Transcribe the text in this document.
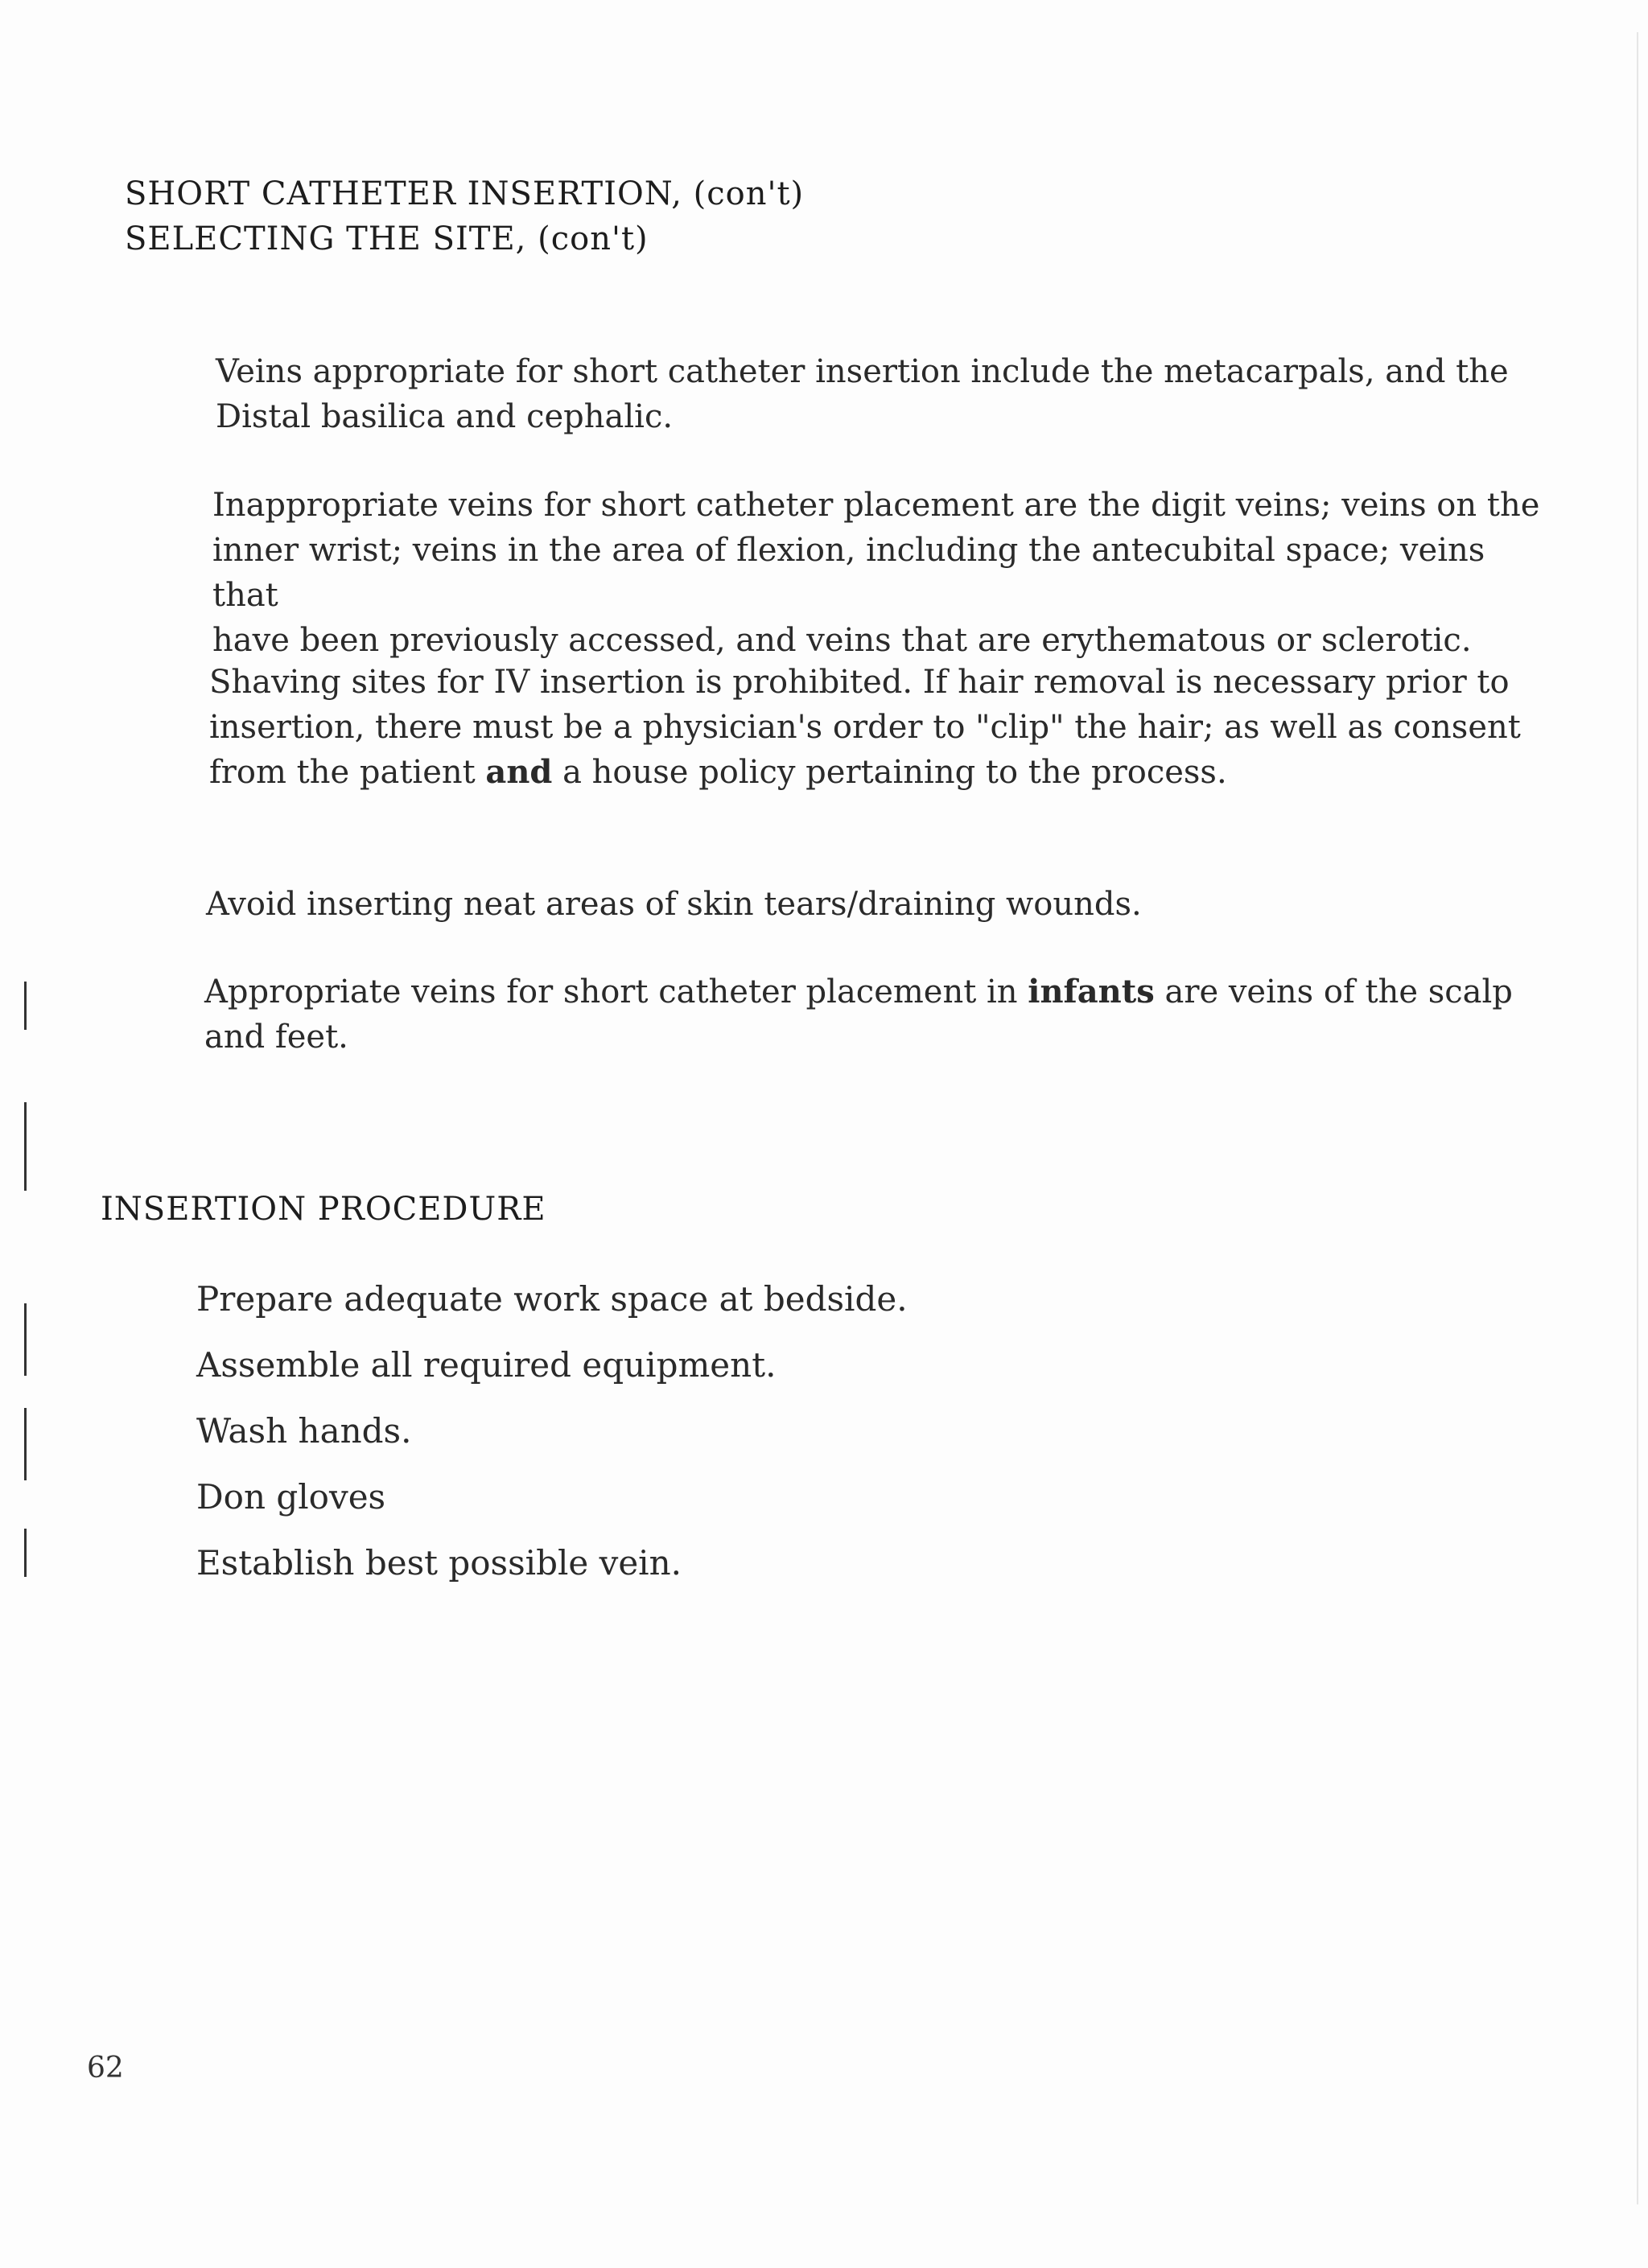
SHORT CATHETER INSERTION, (con't)
SELECTING THE SITE, (con't)

Veins appropriate for short catheter insertion include the metacarpals, and the
Distal basilica and cephalic.

Inappropriate veins for short catheter placement are the digit veins; veins on the
inner wrist; veins in the area of flexion, including the antecubital space; veins that
have been previously accessed, and veins that are erythematous or sclerotic.

Shaving sites for IV insertion is prohibited. If hair removal is necessary prior to
insertion, there must be a physician's order to "clip" the hair; as well as consent
from the patient and a house policy pertaining to the process.

Avoid inserting neat areas of skin tears/draining wounds.

Appropriate veins for short catheter placement in infants are veins of the scalp
and feet.

INSERTION PROCEDURE

Prepare adequate work space at bedside.

Assemble all required equipment.

Wash hands.

Don gloves

Establish best possible vein.

62
